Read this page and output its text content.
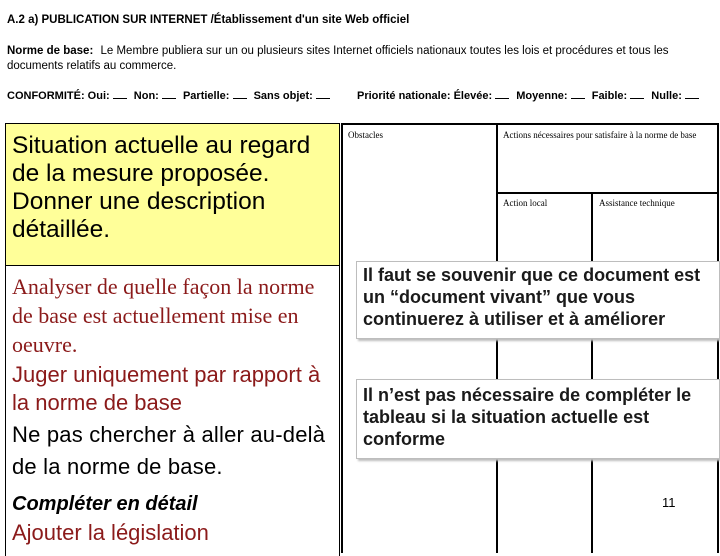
A.2 a) PUBLICATION SUR INTERNET /Établissement d'un site Web officiel
Norme de base: Le Membre publiera sur un ou plusieurs sites Internet officiels nationaux toutes les lois et procédures et tous les documents relatifs au commerce.
CONFORMITÉ: Oui: Non: Partielle: Sans objet:	Priorité nationale: Élevée: Moyenne: Faible: Nulle:
Situation actuelle au regard de la mesure proposée. Donner une description détaillée.
Analyser de quelle façon la norme de base est actuellement mise en oeuvre.
Juger uniquement par rapport à la norme de base
Ne pas chercher à aller au-delà de la norme de base.
Compléter en détail
Ajouter la législation
Obstacles	Actions nécessaires pour satisfaire à la norme de base
Action local	Assistance technique
Il faut se souvenir que ce document est un “document vivant” que vous continuerez à utiliser et à améliorer
Il n’est pas nécessaire de compléter le tableau si la situation actuelle est conforme
11
